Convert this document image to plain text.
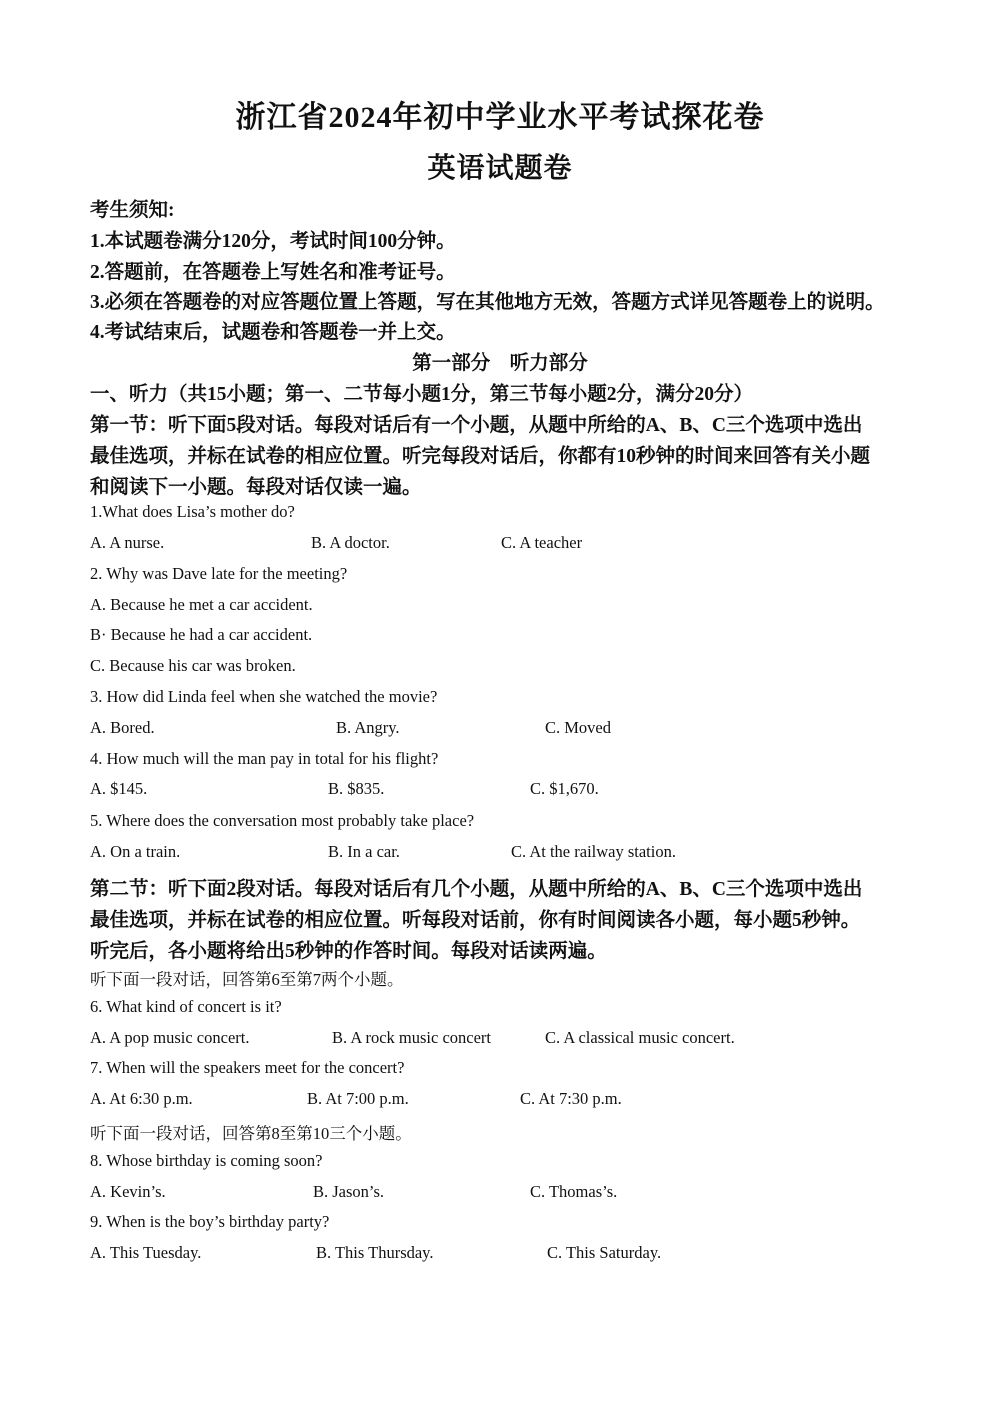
浙江省2024年初中学业水平考试探花卷
英语试题卷
考生须知:
1.本试题卷满分120分，考试时间100分钟。
2.答题前，在答题卷上写姓名和准考证号。
3.必须在答题卷的对应答题位置上答题，写在其他地方无效，答题方式详见答题卷上的说明。
4.考试结束后，试题卷和答题卷一并上交。
第一部分　听力部分
一、听力（共15小题；第一、二节每小题1分，第三节每小题2分，满分20分）
第一节：听下面5段对话。每段对话后有一个小题，从题中所给的A、B、C三个选项中选出
最佳选项，并标在试卷的相应位置。听完每段对话后，你都有10秒钟的时间来回答有关小题
和阅读下一小题。每段对话仅读一遍。
1.What does Lisa’s mother do?
A. A nurse.	B. A doctor.	C. A teacher
2. Why was Dave late for the meeting?
A. Because he met a car accident.
B· Because he had a car accident.
C. Because his car was broken.
3. How did Linda feel when she watched the movie?
A. Bored.	B. Angry.	C. Moved
4. How much will the man pay in total for his flight?
A. $145.	B. $835.	C. $1,670.
5. Where does the conversation most probably take place?
A. On a train.	B. In a car.	C. At the railway station.
第二节：听下面2段对话。每段对话后有几个小题，从题中所给的A、B、C三个选项中选出
最佳选项，并标在试卷的相应位置。听每段对话前，你有时间阅读各小题，每小题5秒钟。
听完后，各小题将给出5秒钟的作答时间。每段对话读两遍。
听下面一段对话，回答第6至第7两个小题。
6. What kind of concert is it?
A. A pop music concert.	B. A rock music concert	C. A classical music concert.
7. When will the speakers meet for the concert?
A. At 6:30 p.m.	B. At 7:00 p.m.	C. At 7:30 p.m.
听下面一段对话，回答第8至第10三个小题。
8. Whose birthday is coming soon?
A. Kevin’s.	B. Jason’s.	C. Thomas’s.
9. When is the boy’s birthday party?
A. This Tuesday.	B. This Thursday.	C. This Saturday.
